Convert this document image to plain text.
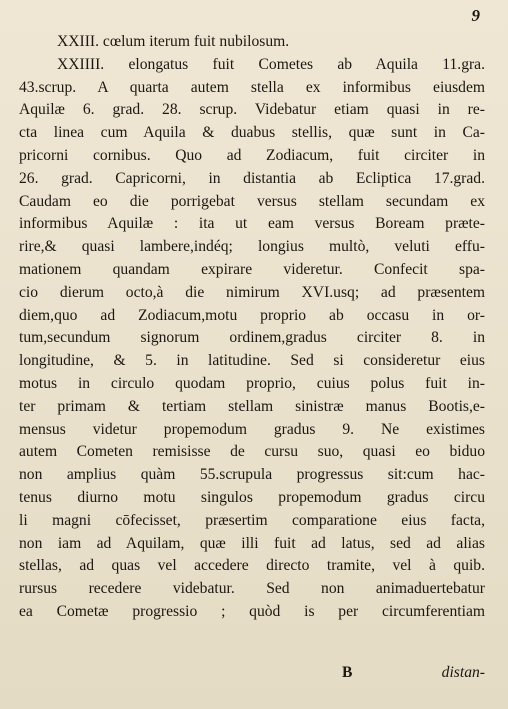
9
XXIII. cœlum iterum fuit nubilosum.
XXIIII. elongatus fuit Cometes ab Aquila 11.gra.
43.scrup. A quarta autem stella ex informibus eiusdem
Aquilæ 6. grad. 28. scrup. Videbatur etiam quasi in re-
cta linea cum Aquila & duabus stellis, quæ sunt in Ca-
pricorni cornibus. Quo ad Zodiacum, fuit circiter in
26. grad. Capricorni, in distantia ab Ecliptica 17.grad.
Caudam eo die porrigebat versus stellam secundam ex
informibus Aquilæ : ita ut eam versus Boream præte-
rire,& quasi lambere,indéq; longius multò, veluti effu-
mationem quandam expirare videretur. Confecit spa-
cio dierum octo,à die nimirum XVI.usq; ad præsentem
diem,quo ad Zodiacum,motu proprio ab occasu in or-
tum,secundum signorum ordinem,gradus circiter 8. in
longitudine, & 5. in latitudine. Sed si consideretur eius
motus in circulo quodam proprio, cuius polus fuit in-
ter primam & tertiam stellam sinistræ manus Bootis,e-
mensus videtur propemodum gradus 9. Ne existimes
autem Cometen remisisse de cursu suo, quasi eo biduo
non amplius quàm 55.scrupula progressus sit:cum hac-
tenus diurno motu singulos propemodum gradus circu
li magni cōfecisset, præsertim comparatione eius facta,
non iam ad Aquilam, quæ illi fuit ad latus, sed ad alias
stellas, ad quas vel accedere directo tramite, vel à quib.
rursus recedere videbatur. Sed non animaduertebatur
ea Cometæ progressio ; quòd is per circumferentiam
B	distan-
